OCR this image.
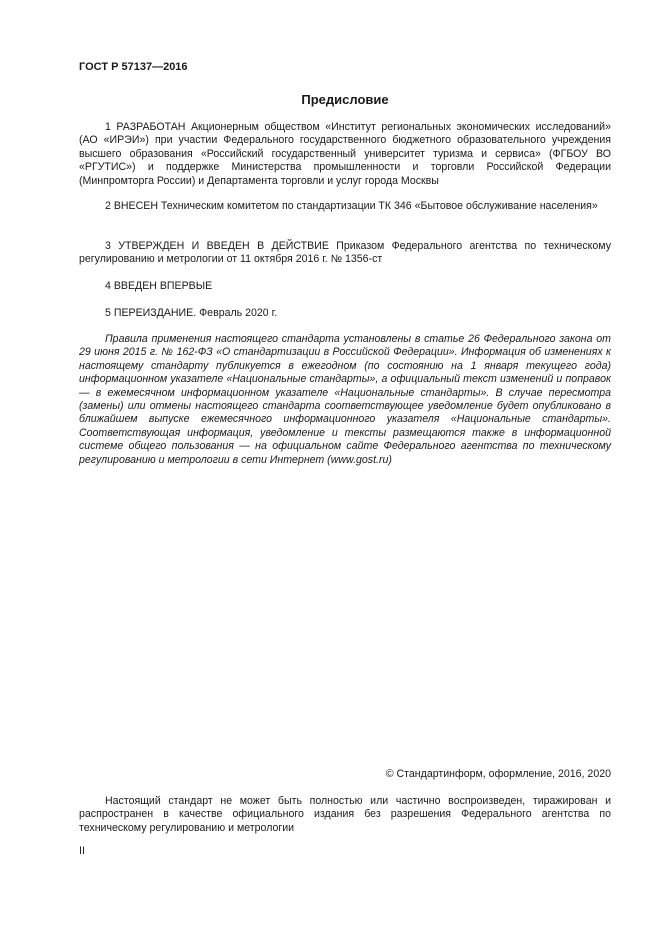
ГОСТ Р 57137—2016
Предисловие

1 РАЗРАБОТАН Акционерным обществом «Институт региональных экономических исследований» (АО «ИРЭИ») при участии Федерального государственного бюджетного образовательного учреждения высшего образования «Российский государственный университет туризма и сервиса» (ФГБОУ ВО «РГУТИС») и поддержке Министерства промышленности и торговли Российской Федерации (Минпромторга России) и Департамента торговли и услуг города Москвы

2 ВНЕСЕН Техническим комитетом по стандартизации ТК 346 «Бытовое обслуживание населения»

3 УТВЕРЖДЕН И ВВЕДЕН В ДЕЙСТВИЕ Приказом Федерального агентства по техническому регулированию и метрологии от 11 октября 2016 г. № 1356-ст

4 ВВЕДЕН ВПЕРВЫЕ

5 ПЕРЕИЗДАНИЕ. Февраль 2020 г.

Правила применения настоящего стандарта установлены в статье 26 Федерального закона от 29 июня 2015 г. № 162-ФЗ «О стандартизации в Российской Федерации». Информация об изменениях к настоящему стандарту публикуется в ежегодном (по состоянию на 1 января текущего года) информационном указателе «Национальные стандарты», а официальный текст изменений и поправок — в ежемесячном информационном указателе «Национальные стандарты». В случае пересмотра (замены) или отмены настоящего стандарта соответствующее уведомление будет опубликовано в ближайшем выпуске ежемесячного информационного указателя «Национальные стандарты». Соответствующая информация, уведомление и тексты размещаются также в информационной системе общего пользования — на официальном сайте Федерального агентства по техническому регулированию и метрологии в сети Интернет (www.gost.ru)

© Стандартинформ, оформление, 2016, 2020

Настоящий стандарт не может быть полностью или частично воспроизведен, тиражирован и распространен в качестве официального издания без разрешения Федерального агентства по техническому регулированию и метрологии

II
